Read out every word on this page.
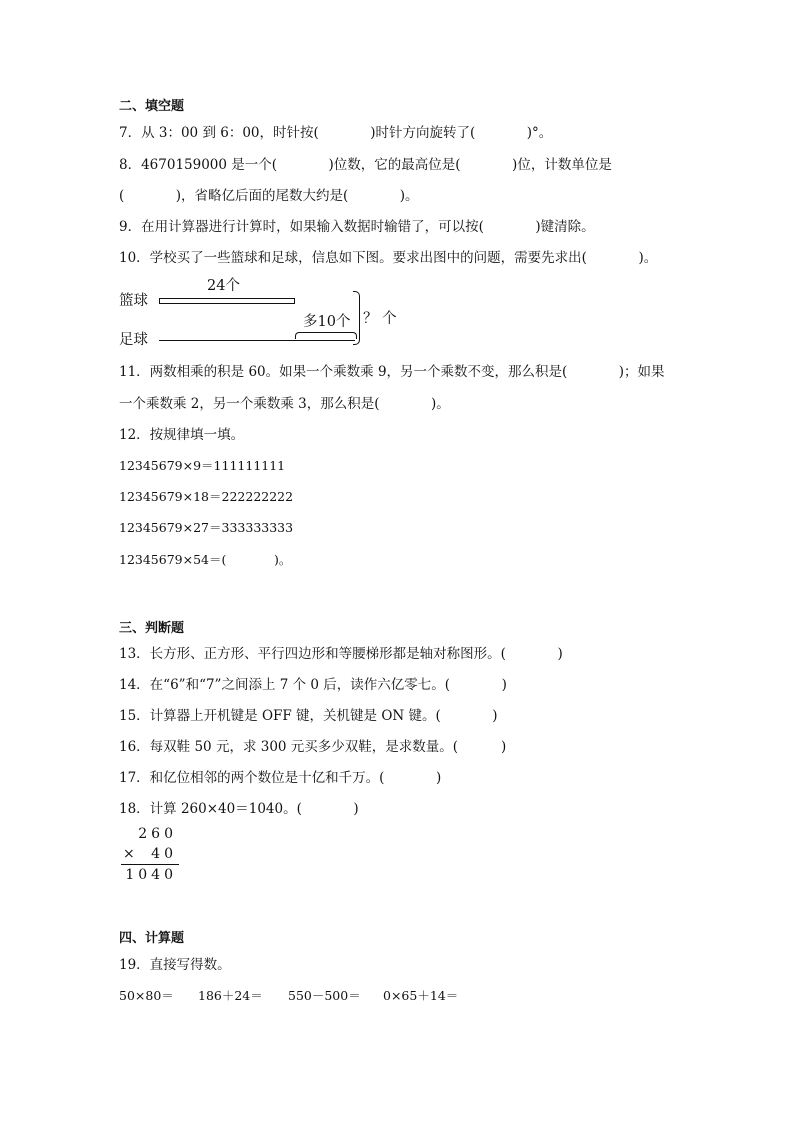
二、填空题
7．从 3：00 到 6：00，时针按(            )时针方向旋转了(            )°。
8．4670159000 是一个(            )位数，它的最高位是(            )位，计数单位是
(            )，省略亿后面的尾数大约是(            )。
9．在用计算器进行计算时，如果输入数据时输错了，可以按(            )键清除。
10．学校买了一些篮球和足球，信息如下图。要求出图中的问题，需要先求出(            )。
篮球
24个
足球
多10个 ？ 个
11．两数相乘的积是 60。如果一个乘数乘 9，另一个乘数不变，那么积是(            )；如果
一个乘数乘 2，另一个乘数乘 3，那么积是(            )。
12．按规律填一填。
12345679×9＝111111111
12345679×18＝222222222
12345679×27＝333333333
12345679×54＝(            )。
三、判断题
13．长方形、正方形、平行四边形和等腰梯形都是轴对称图形。(            )
14．在“6”和“7”之间添上 7 个 0 后，读作六亿零七。(            )
15．计算器上开机键是 OFF 键，关机键是 ON 键。(            )
16．每双鞋 50 元，求 300 元买多少双鞋，是求数量。(          )
17．和亿位相邻的两个数位是十亿和千万。(            )
18．计算 260×40＝1040。(            )
260
× 40
1040
四、计算题
19．直接写得数。
50×80＝ 186＋24＝ 550－500＝ 0×65＋14＝
